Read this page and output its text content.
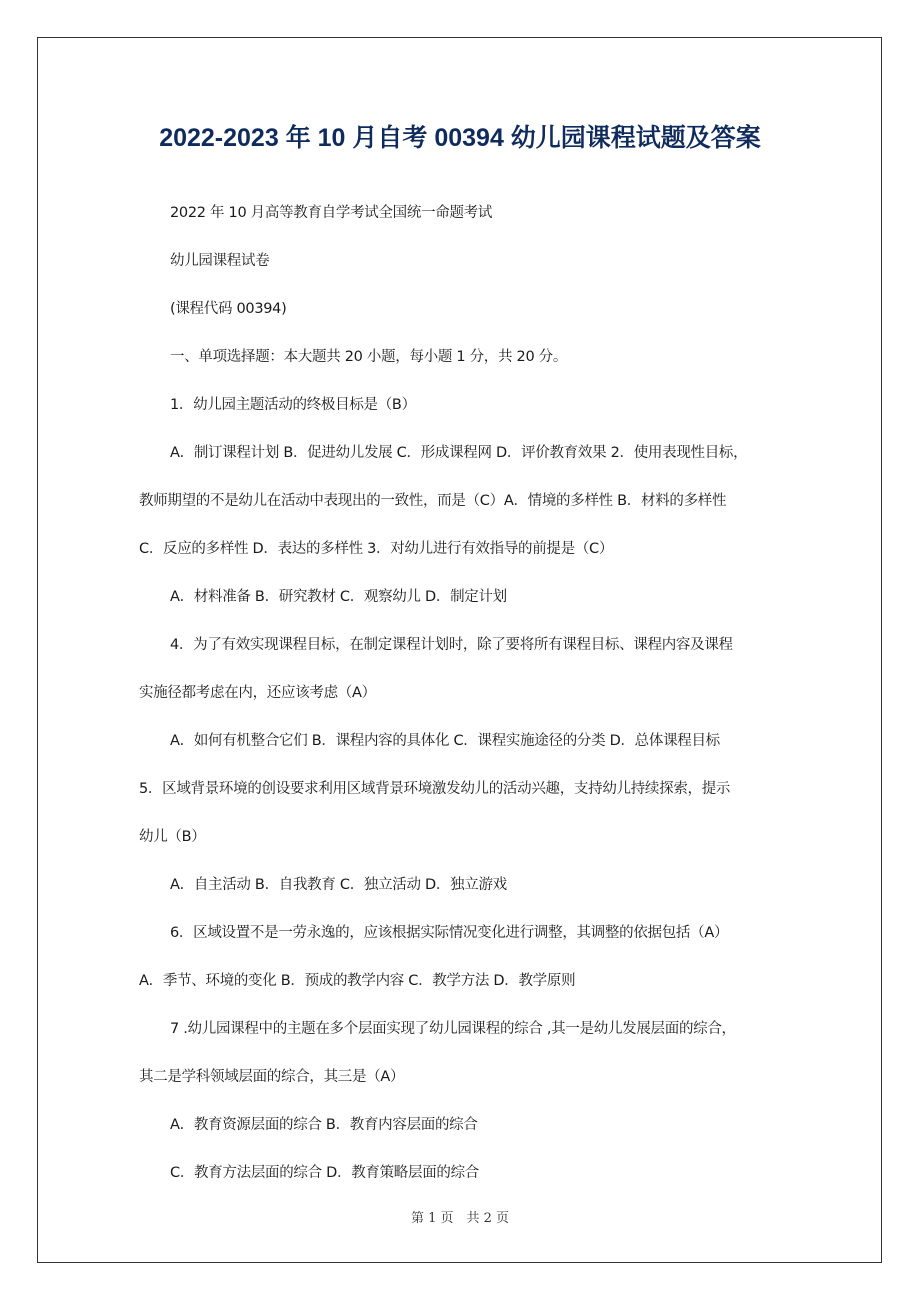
2022-2023 年 10 月自考 00394 幼儿园课程试题及答案
2022 年 10 月高等教育自学考试全国统一命题考试
幼儿园课程试卷
(课程代码 00394)
一、单项选择题：本大题共 20 小题，每小题 1 分，共 20 分。
1．幼儿园主题活动的终极目标是（B）
A．制订课程计划 B．促进幼儿发展 C．形成课程网 D．评价教育效果 2．使用表现性目标，
教师期望的不是幼儿在活动中表现出的一致性，而是（C）A．情境的多样性 B．材料的多样性
C．反应的多样性 D．表达的多样性 3．对幼儿进行有效指导的前提是（C）
A．材料准备 B．研究教材 C．观察幼儿 D．制定计划
4．为了有效实现课程目标，在制定课程计划时，除了要将所有课程目标、课程内容及课程
实施径都考虑在内，还应该考虑（A）
A．如何有机整合它们 B．课程内容的具体化 C．课程实施途径的分类 D．总体课程目标
5．区域背景环境的创设要求利用区域背景环境激发幼儿的活动兴趣，支持幼儿持续探索，提示
幼儿（B）
A．自主活动 B．自我教育 C．独立活动 D．独立游戏
6．区域设置不是一劳永逸的，应该根据实际情况变化进行调整，其调整的依据包括（A）
A．季节、环境的变化 B．预成的教学内容 C．教学方法 D．教学原则
7 .幼儿园课程中的主题在多个层面实现了幼儿园课程的综合 ,其一是幼儿发展层面的综合，
其二是学科领域层面的综合，其三是（A）
A．教育资源层面的综合 B．教育内容层面的综合
C．教育方法层面的综合 D．教育策略层面的综合
第 1 页　共 2 页
